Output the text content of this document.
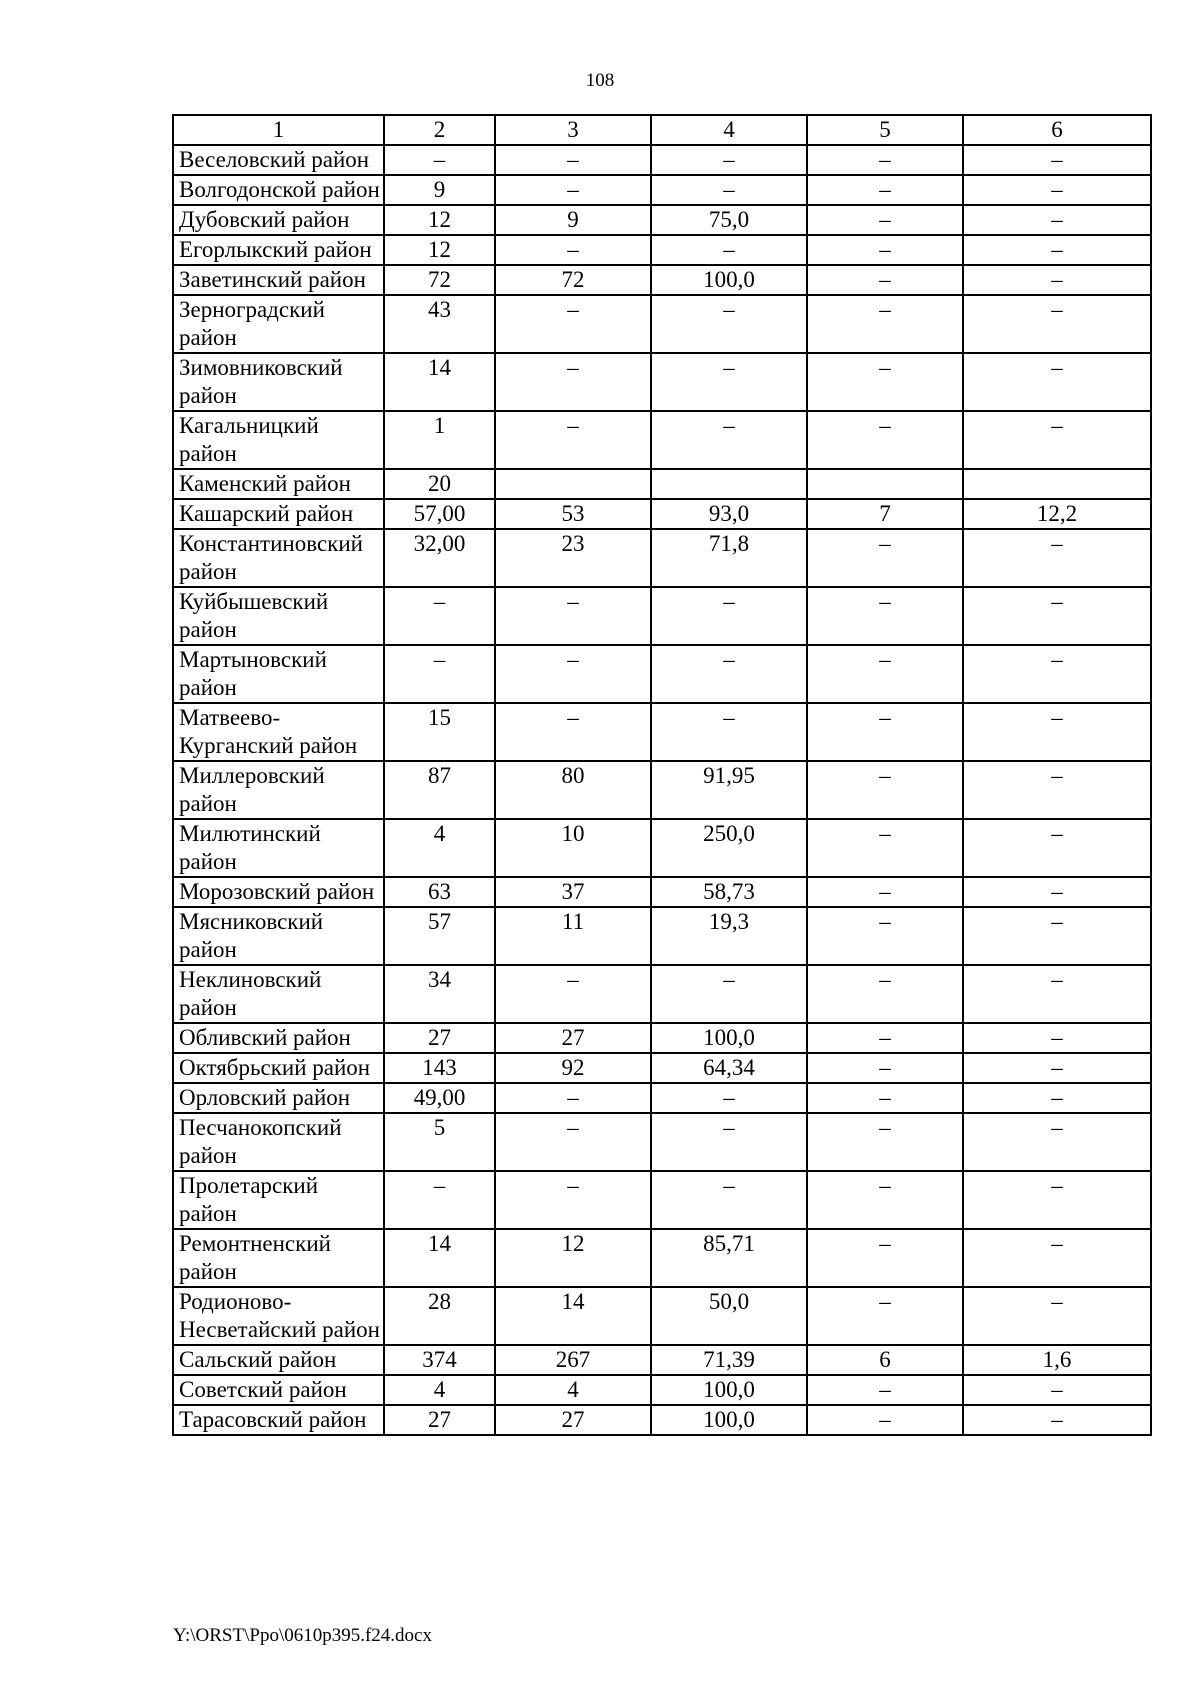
108
1	2	3	4	5	6
Веселовский район	–	–	–	–	–
Волгодонской район	9	–	–	–	–
Дубовский район	12	9	75,0	–	–
Егорлыкский район	12	–	–	–	–
Заветинский район	72	72	100,0	–	–
Зерноградский район	43	–	–	–	–
Зимовниковский район	14	–	–	–	–
Кагальницкий район	1	–	–	–	–
Каменский район	20				
Кашарский район	57,00	53	93,0	7	12,2
Константиновский район	32,00	23	71,8	–	–
Куйбышевский район	–	–	–	–	–
Мартыновский район	–	–	–	–	–
Матвеево-Курганский район	15	–	–	–	–
Миллеровский район	87	80	91,95	–	–
Милютинский район	4	10	250,0	–	–
Морозовский район	63	37	58,73	–	–
Мясниковский район	57	11	19,3	–	–
Неклиновский район	34	–	–	–	–
Обливский район	27	27	100,0	–	–
Октябрьский район	143	92	64,34	–	–
Орловский район	49,00	–	–	–	–
Песчанокопский район	5	–	–	–	–
Пролетарский район	–	–	–	–	–
Ремонтненский район	14	12	85,71	–	–
Родионово-Несветайский район	28	14	50,0	–	–
Сальский район	374	267	71,39	6	1,6
Советский район	4	4	100,0	–	–
Тарасовский район	27	27	100,0	–	–
Y:\ORST\Ppo\0610p395.f24.docx
